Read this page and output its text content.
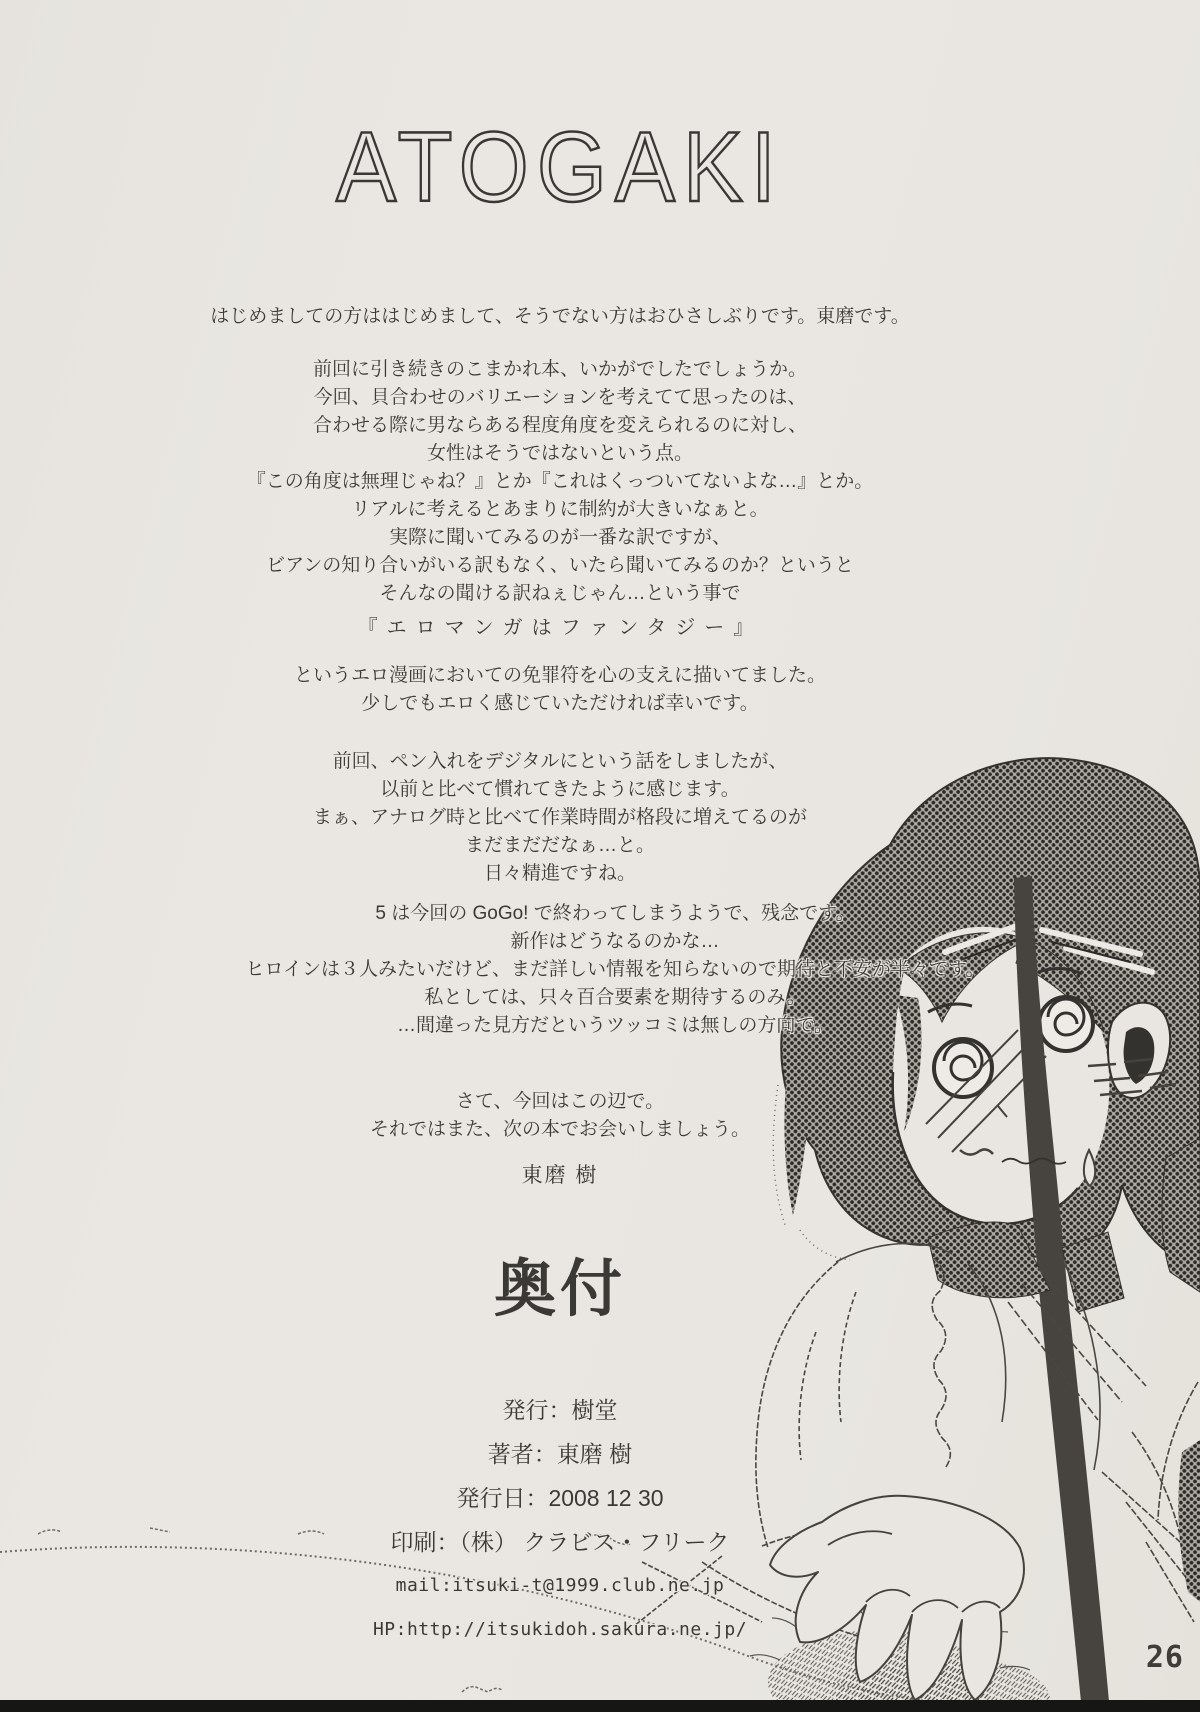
ATOGAKI
はじめましての方ははじめまして、そうでない方はおひさしぶりです。東磨です。
前回に引き続きのこまかれ本、いかがでしたでしょうか。
今回、貝合わせのバリエーションを考えてて思ったのは、
合わせる際に男ならある程度角度を変えられるのに対し、
女性はそうではないという点。
『この角度は無理じゃね？』とか『これはくっついてないよな…』とか。
リアルに考えるとあまりに制約が大きいなぁと。
実際に聞いてみるのが一番な訳ですが、
ビアンの知り合いがいる訳もなく、いたら聞いてみるのか？というと
そんなの聞ける訳ねぇじゃん…という事で
『エロマンガはファンタジー』
というエロ漫画においての免罪符を心の支えに描いてました。
少しでもエロく感じていただければ幸いです。
前回、ペン入れをデジタルにという話をしましたが、
以前と比べて慣れてきたように感じます。
まぁ、アナログ時と比べて作業時間が格段に増えてるのが
まだまだだなぁ…と。
日々精進ですね。
5 は今回の GoGo! で終わってしまうようで、残念です。
新作はどうなるのかな…
ヒロインは３人みたいだけど、まだ詳しい情報を知らないので期待と不安が半々です。
私としては、只々百合要素を期待するのみ。
…間違った見方だというツッコミは無しの方向で。
さて、今回はこの辺で。
それではまた、次の本でお会いしましょう。
東磨 樹
奥付
発行：樹堂
著者：東磨 樹
発行日：2008 12 30
印刷：（株） クラビス・フリーク
mail:itsuki-t@1999.club.ne.jp
HP:http://itsukidoh.sakura.ne.jp/
26
